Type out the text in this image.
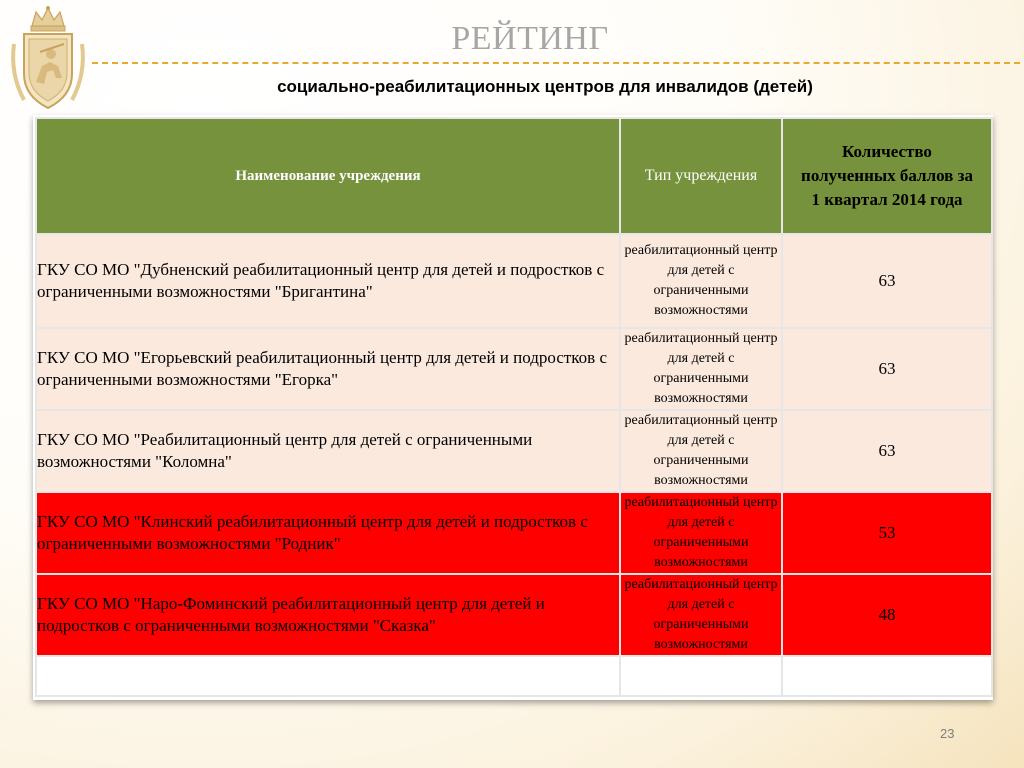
РЕЙТИНГ
социально-реабилитационных центров для инвалидов (детей)
Наименование учреждения	Тип учреждения	Количество полученных баллов за 1 квартал 2014 года

ГКУ СО МО "Дубненский реабилитационный центр для детей и подростков с ограниченными возможностями "Бригантина"	реабилитационный центр для детей с ограниченными возможностями	63
ГКУ СО МО "Егорьевский реабилитационный центр для детей и подростков с ограниченными возможностями "Егорка"	реабилитационный центр для детей с ограниченными возможностями	63
ГКУ СО МО "Реабилитационный центр для детей с ограниченными возможностями "Коломна"	реабилитационный центр для детей с ограниченными возможностями	63
ГКУ СО МО "Клинский реабилитационный центр для детей и подростков с ограниченными возможностями "Родник"	реабилитационный центр для детей с ограниченными возможностями	53
ГКУ СО МО "Наро-Фоминский реабилитационный центр для детей и подростков с ограниченными возможностями "Сказка"	реабилитационный центр для детей с ограниченными возможностями	48

23
